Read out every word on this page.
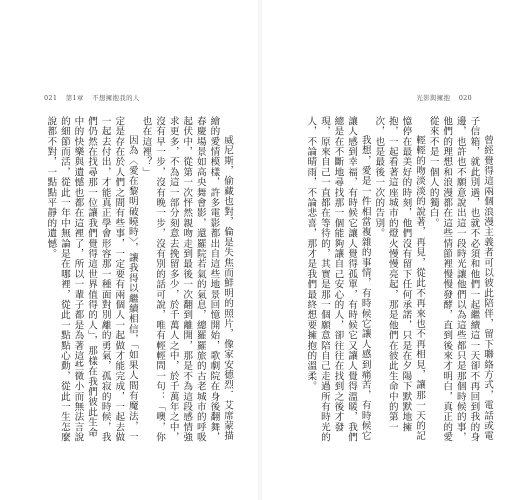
021 第1章 不想擁抱我的人

威尼斯，偷藏也對，倫是失焦而鮮明的照片，像家安德烈．艾席蒙描繪的愛情模樣，許多電影都出自這些地景回憶開始，歌劇院在身後翻舞，春慶場景如高央舞會影，還羅院若氣的氣息，總羅羅旅的古老城市的呼吸起伏中，從第一次怦然親吻走到最後一次翻到離開，那是不為這段感情強求更多，不為這一部分刻意去挽留多少，於千萬人之中，於千萬年之中，沒有早一步，沒有晚一步，沒有別的話可說，唯有輕輕問一句：「噢，你也在這裡？」

因為〈愛在黎明破曉時〉，讓我得以繼續相信，「如果人間有魔法，一定是存在於人們之間有些事，一定要有兩個人一起做才能完成，一起去做一起去付出，才能真正學會形容那一種面對別離的勇氣，孤寂的時候，我們仍然在找尋那一位讓我們覺得這世界值得的人」，那樣在我們彼此生命中的快樂與遺憾也都在這裡了，所以一輩子都是為著這些微小而無法言說的細節而活，從此一年中無論是在哪裡，從此一點點心動，從此一生怎麼說都不對，一點點平靜的遺憾。

光影與擁抱 020

曾經覺得這兩個浪漫主義者可以彼此陪伴，留下聯絡方式，電話或電子信箱，就此別過，也就不必須和他們一起繼續這一天卻不再回到我的身邊，也許也不願意說出這一段時光讓他們以為這些都只是那個時候的事，他們的理想和浪漫都在這些情節裡慢慢發酵，直到後來才明白，真正的愛從來不是一個人的獨白。

輕輕的吻淡淡的說著，再見，從此不再來也不再相見，讓那一天的記憶停在最美好的時刻，他們沒有留下任何承諾，只是在夕陽下默默地擁抱，一起看著這座城市的燈火慢慢亮起，那是他們在彼此生命中的第一次，也是最後一次的告別。

我想，愛是一件相當複雜的事情，有時候它讓人感到痛苦，有時候它讓人感到幸福，有時候它讓人覺得孤單，有時候它又讓人覺得溫暖，我們總是在不斷地尋找那一個能夠讓自己安心的人，卻往往在找到之後才發現，原來自己一直都在等待的，其實是那一個願意陪自己走過所有時光的人，不論晴雨，不論悲喜，那才是我們最終想要擁抱的溫柔。
